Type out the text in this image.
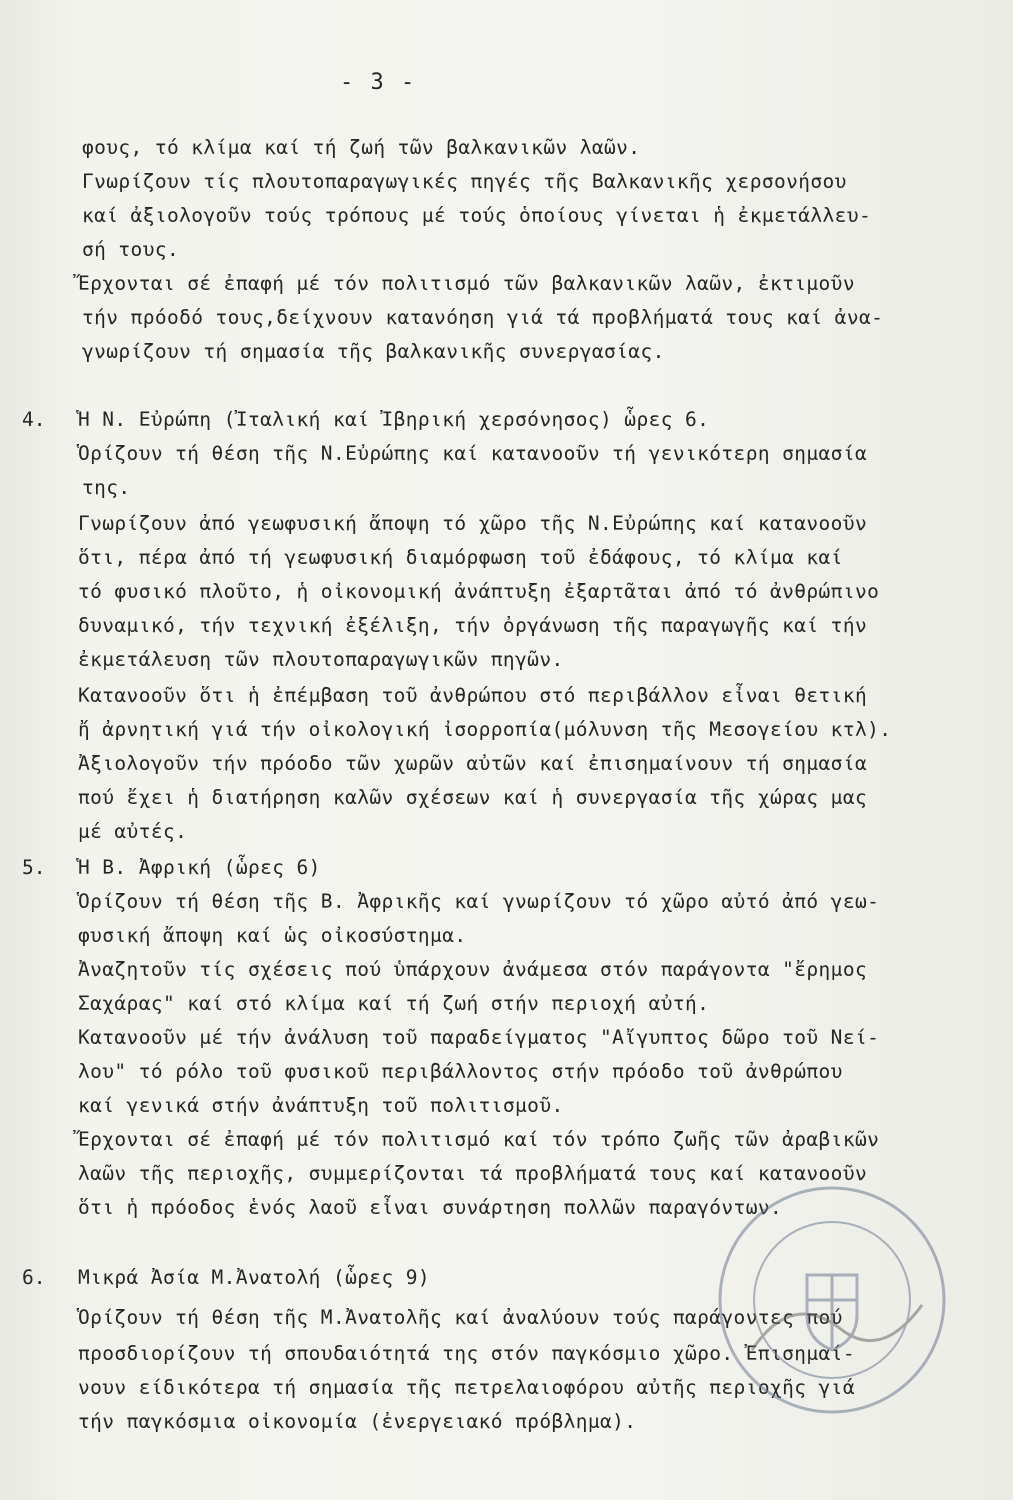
- 3 -
φους, τό κλίμα καί τή ζωή τῶν βαλκανικῶν λαῶν.
Γνωρίζουν τίς πλουτοπαραγωγικές πηγές τῆς Βαλκανικῆς χερσονήσου
καί ἀξιολογοῦν τούς τρόπους μέ τούς ὁποίους γίνεται ἡ ἐκμετάλλευ-
σή τους.
Ἔρχονται σέ ἐπαφή μέ τόν πολιτισμό τῶν βαλκανικῶν λαῶν, ἐκτιμοῦν
τήν πρόοδό τους,δείχνουν κατανόηση γιά τά προβλήματά τους καί ἀνα-
γνωρίζουν τή σημασία τῆς βαλκανικῆς συνεργασίας.
4. Ἡ Ν. Εὐρώπη (Ἰταλική καί Ἰβηρική χερσόνησος) ὧρες 6.
Ὁρίζουν τή θέση τῆς Ν.Εὐρώπης καί κατανοοῦν τή γενικότερη σημασία
της.
Γνωρίζουν ἀπό γεωφυσική ἄποψη τό χῶρο τῆς Ν.Εὐρώπης καί κατανοοῦν
ὅτι, πέρα ἀπό τή γεωφυσική διαμόρφωση τοῦ ἐδάφους, τό κλίμα καί
τό φυσικό πλοῦτο, ἡ οἰκονομική ἀνάπτυξη ἐξαρτᾶται ἀπό τό ἀνθρώπινο
δυναμικό, τήν τεχνική ἐξέλιξη, τήν ὀργάνωση τῆς παραγωγῆς καί τήν
ἐκμετάλευση τῶν πλουτοπαραγωγικῶν πηγῶν.
Κατανοοῦν ὅτι ἡ ἐπέμβαση τοῦ ἀνθρώπου στό περιβάλλον εἶναι θετική
ἤ ἀρνητική γιά τήν οἰκολογική ἰσορροπία(μόλυνση τῆς Μεσογείου κτλ).
Ἀξιολογοῦν τήν πρόοδο τῶν χωρῶν αὐτῶν καί ἐπισημαίνουν τή σημασία
πού ἔχει ἡ διατήρηση καλῶν σχέσεων καί ἡ συνεργασία τῆς χώρας μας
μέ αὐτές.
5. Ἡ Β. Ἀφρική (ὧρες 6)
Ὁρίζουν τή θέση τῆς Β. Ἀφρικῆς καί γνωρίζουν τό χῶρο αὐτό ἀπό γεω-
φυσική ἄποψη καί ὡς οἰκοσύστημα.
Ἀναζητοῦν τίς σχέσεις πού ὑπάρχουν ἀνάμεσα στόν παράγοντα "ἔρημος
Σαχάρας" καί στό κλίμα καί τή ζωή στήν περιοχή αὐτή.
Κατανοοῦν μέ τήν ἀνάλυση τοῦ παραδείγματος "Αἴγυπτος δῶρο τοῦ Νεί-
λου" τό ρόλο τοῦ φυσικοῦ περιβάλλοντος στήν πρόοδο τοῦ ἀνθρώπου
καί γενικά στήν ἀνάπτυξη τοῦ πολιτισμοῦ.
Ἔρχονται σέ ἐπαφή μέ τόν πολιτισμό καί τόν τρόπο ζωῆς τῶν ἀραβικῶν
λαῶν τῆς περιοχῆς, συμμερίζονται τά προβλήματά τους καί κατανοοῦν
ὅτι ἡ πρόοδος ἑνός λαοῦ εἶναι συνάρτηση πολλῶν παραγόντων.
6. Μικρά Ἀσία Μ.Ἀνατολή (ὧρες 9)
Ὁρίζουν τή θέση τῆς Μ.Ἀνατολῆς καί ἀναλύουν τούς παράγοντες πού
προσδιορίζουν τή σπουδαιότητά της στόν παγκόσμιο χῶρο. Ἐπισημαί-
νουν είδικότερα τή σημασία τῆς πετρελαιοφόρου αὐτῆς περιοχῆς γιά
τήν παγκόσμια οἰκονομία (ἐνεργειακό πρόβλημα).
